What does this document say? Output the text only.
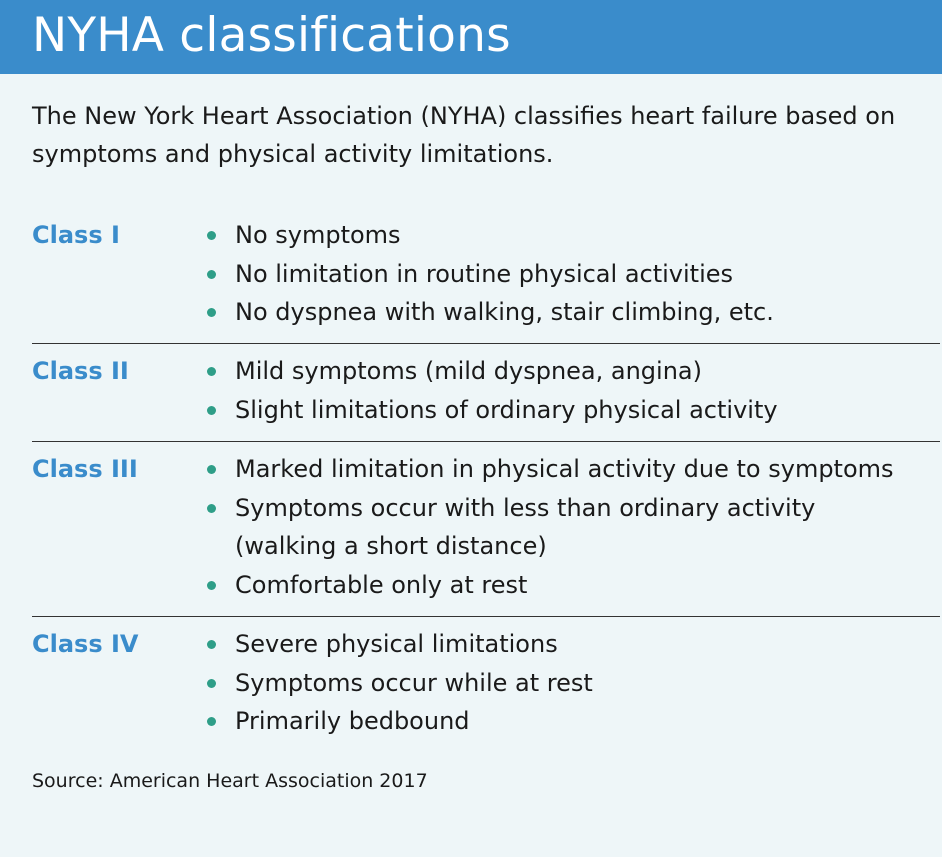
NYHA classifications
The New York Heart Association (NYHA) classifies heart failure based on symptoms and physical activity limitations.
Class I	No symptoms
No limitation in routine physical activities
No dyspnea with walking, stair climbing, etc.
Class II	Mild symptoms (mild dyspnea, angina)
Slight limitations of ordinary physical activity
Class III	Marked limitation in physical activity due to symptoms
Symptoms occur with less than ordinary activity (walking a short distance)
Comfortable only at rest
Class IV	Severe physical limitations
Symptoms occur while at rest
Primarily bedbound
Source: American Heart Association 2017
